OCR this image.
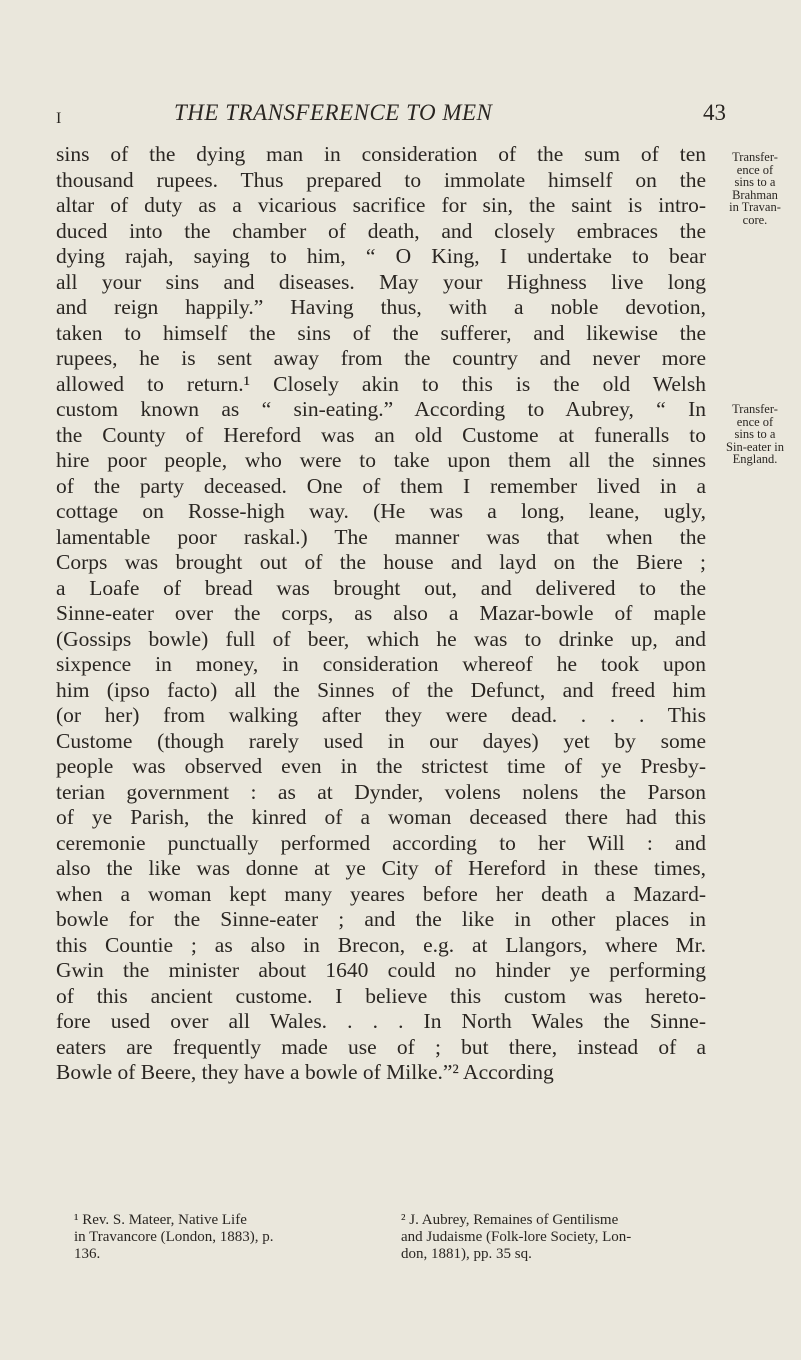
I	THE TRANSFERENCE TO MEN	43
sins of the dying man in consideration of the sum of ten
thousand rupees. Thus prepared to immolate himself on the
altar of duty as a vicarious sacrifice for sin, the saint is intro-
duced into the chamber of death, and closely embraces the
dying rajah, saying to him, “ O King, I undertake to bear
all your sins and diseases. May your Highness live long
and reign happily.” Having thus, with a noble devotion,
taken to himself the sins of the sufferer, and likewise the
rupees, he is sent away from the country and never more
allowed to return.¹ Closely akin to this is the old Welsh
custom known as “ sin-eating.” According to Aubrey, “ In
the County of Hereford was an old Custome at funeralls to
hire poor people, who were to take upon them all the sinnes
of the party deceased. One of them I remember lived in a
cottage on Rosse-high way. (He was a long, leane, ugly,
lamentable poor raskal.) The manner was that when the
Corps was brought out of the house and layd on the Biere ;
a Loafe of bread was brought out, and delivered to the
Sinne-eater over the corps, as also a Mazar-bowle of maple
(Gossips bowle) full of beer, which he was to drinke up, and
sixpence in money, in consideration whereof he took upon
him (ipso facto) all the Sinnes of the Defunct, and freed him
(or her) from walking after they were dead. . . . This
Custome (though rarely used in our dayes) yet by some
people was observed even in the strictest time of ye Presby-
terian government : as at Dynder, volens nolens the Parson
of ye Parish, the kinred of a woman deceased there had this
ceremonie punctually performed according to her Will : and
also the like was donne at ye City of Hereford in these times,
when a woman kept many yeares before her death a Mazard-
bowle for the Sinne-eater ; and the like in other places in
this Countie ; as also in Brecon, e.g. at Llangors, where Mr.
Gwin the minister about 1640 could no hinder ye performing
of this ancient custome. I believe this custom was hereto-
fore used over all Wales. . . . In North Wales the Sinne-
eaters are frequently made use of ; but there, instead of a
Bowle of Beere, they have a bowle of Milke.”² According
Transfer-
ence of
sins to a
Brahman
in Travan-
core.
Transfer-
ence of
sins to a
Sin-eater in
England.
¹ Rev. S. Mateer, Native Life
in Travancore (London, 1883), p.
136.
² J. Aubrey, Remaines of Gentilisme
and Judaisme (Folk-lore Society, Lon-
don, 1881), pp. 35 sq.
